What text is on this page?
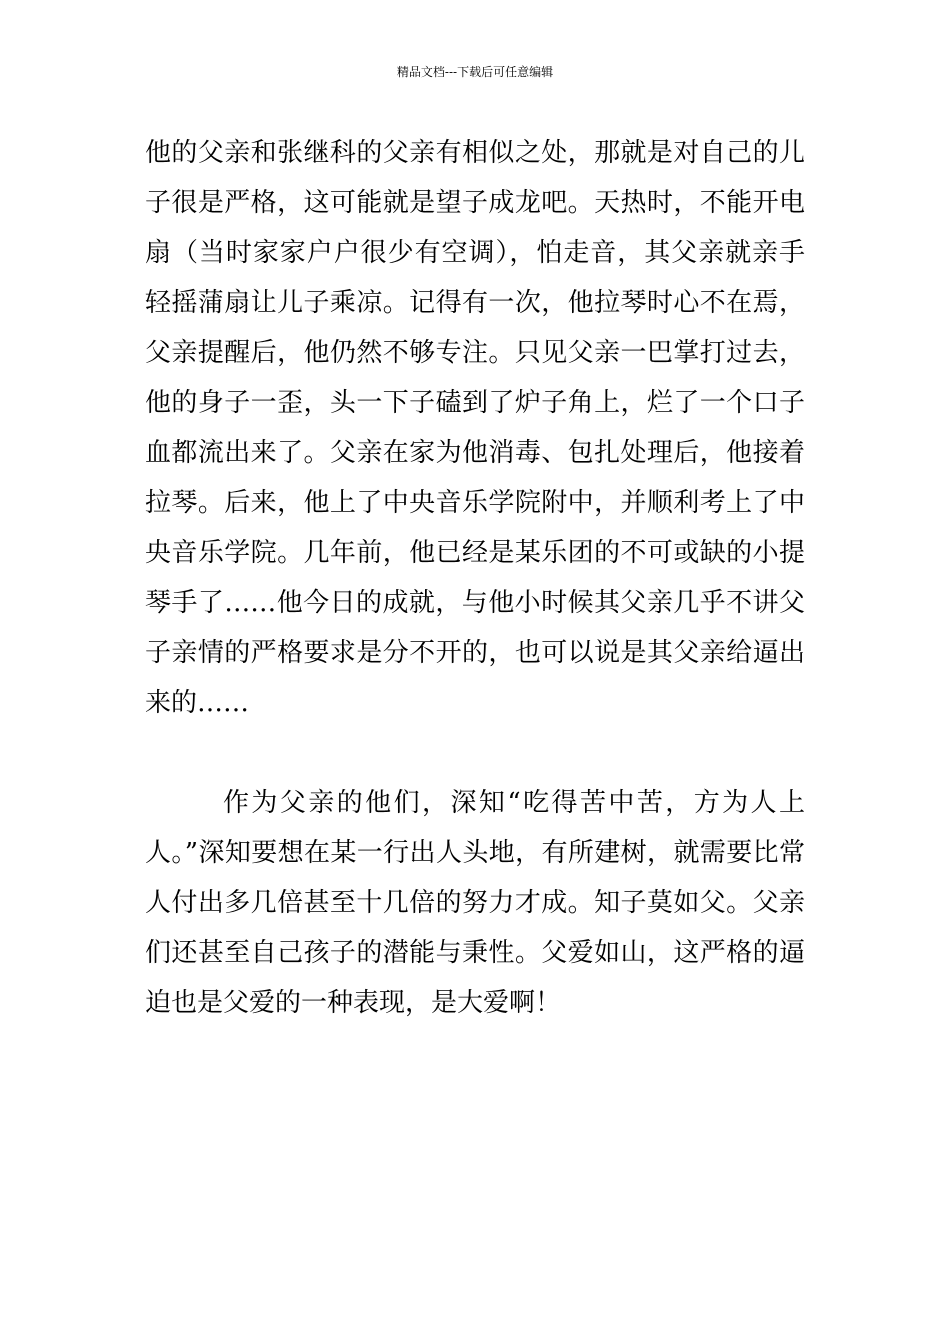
精品文档---下载后可任意编辑

他的父亲和张继科的父亲有相似之处，那就是对自己的儿子很是严格，这可能就是望子成龙吧。天热时，不能开电扇（当时家家户户很少有空调），怕走音，其父亲就亲手轻摇蒲扇让儿子乘凉。记得有一次，他拉琴时心不在焉，父亲提醒后，他仍然不够专注。只见父亲一巴掌打过去，他的身子一歪，头一下子磕到了炉子角上，烂了一个口子血都流出来了。父亲在家为他消毒、包扎处理后，他接着拉琴。后来，他上了中央音乐学院附中，并顺利考上了中央音乐学院。几年前，他已经是某乐团的不可或缺的小提琴手了……他今日的成就，与他小时候其父亲几乎不讲父子亲情的严格要求是分不开的，也可以说是其父亲给逼出来的……

作为父亲的他们，深知“吃得苦中苦，方为人上人。”深知要想在某一行出人头地，有所建树，就需要比常人付出多几倍甚至十几倍的努力才成。知子莫如父。父亲们还甚至自己孩子的潜能与秉性。父爱如山，这严格的逼迫也是父爱的一种表现，是大爱啊！
